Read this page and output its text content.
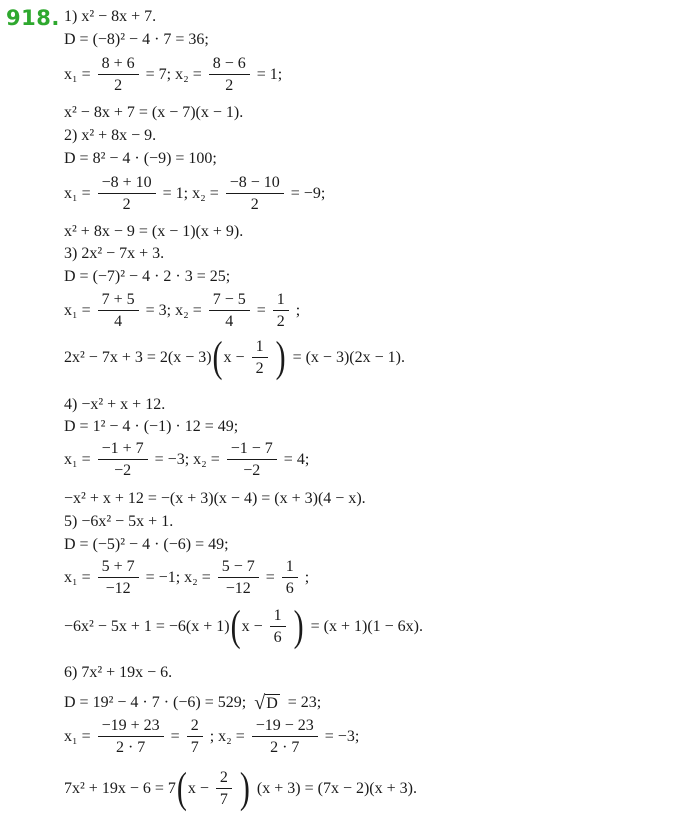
918. 1) x² − 8x + 7.
D = (−8)² − 4 · 7 = 36;
$x_1 = \frac{8 + 6}{2} = 7$; $x_2 = \frac{8 - 6}{2} = 1$;
x² − 8x + 7 = (x − 7)(x − 1).
2) x² + 8x − 9.
D = 8² − 4 · (−9) = 100;
$x_1 = \frac{-8 + 10}{2} = 1$; $x_2 = \frac{-8 - 10}{2} = -9$;
x² + 8x − 9 = (x − 1)(x + 9).
3) 2x² − 7x + 3.
D = (−7)² − 4 · 2 · 3 = 25;
$x_1 = \frac{7 + 5}{4} = 3$; $x_2 = \frac{7 - 5}{4} = \frac{1}{2}$ ;
2x² − 7x + 3 = 2(x − 3) ( $x - \frac{1}{2}$ ) = (x − 3)(2x − 1).
4) −x² + x + 12.
D = 1² − 4 · (−1) · 12 = 49;
$x_1 = \frac{-1 + 7}{-2} = -3$; $x_2 = \frac{-1 - 7}{-2} = 4$;
−x² + x + 12 = −(x + 3)(x − 4) = (x + 3)(4 − x).
5) −6x² − 5x + 1.
D = (−5)² − 4 · (−6) = 49;
$x_1 = \frac{5 + 7}{-12} = -1$; $x_2 = \frac{5 - 7}{-12} = \frac{1}{6}$ ;
−6x² − 5x + 1 = −6(x + 1) ( $x - \frac{1}{6}$ ) = (x + 1)(1 − 6x).
6) 7x² + 19x − 6.
D = 19² − 4 · 7 · (−6) = 529; √ D = 23;
$x_1 = \frac{-19 + 23}{2 \cdot 7} = \frac{2}{7}$ ; $x_2 = \frac{-19 - 23}{2 \cdot 7} = -3$;
7x² + 19x − 6 = 7 ( $x - \frac{2}{7}$ ) (x + 3) = (7x − 2)(x + 3).
